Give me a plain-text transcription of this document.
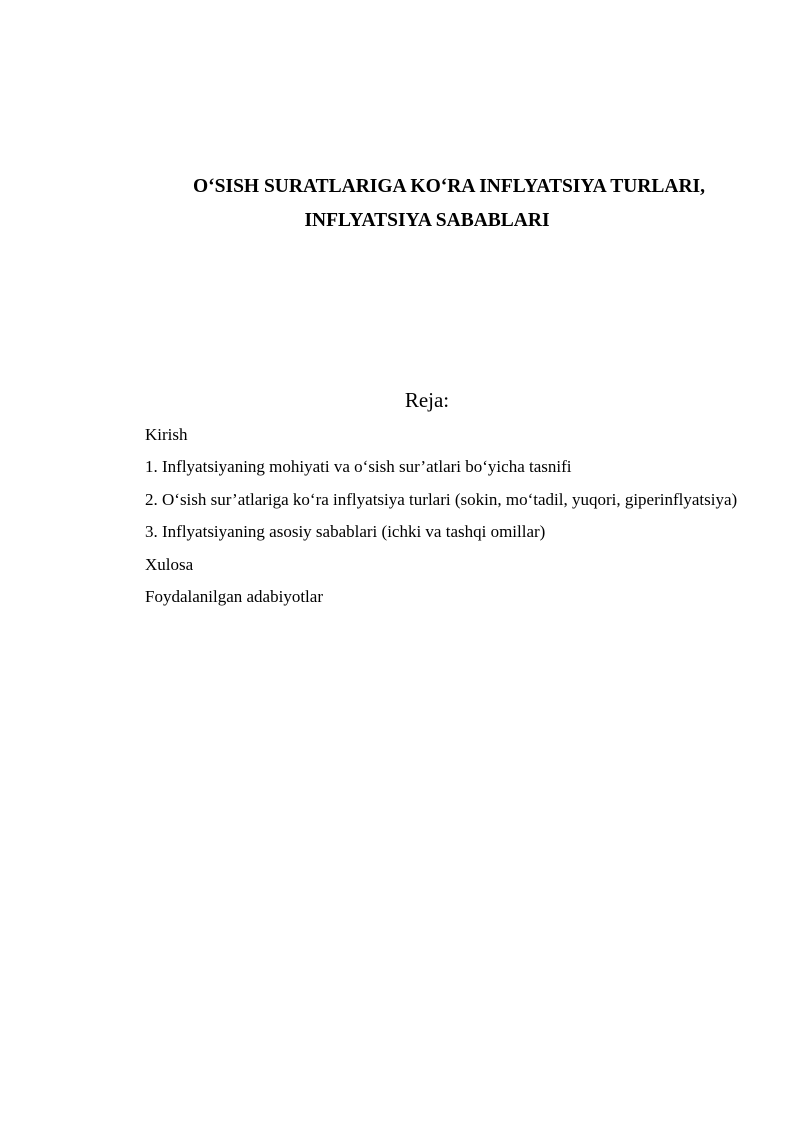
O‘SISH SURATLARIGA KO‘RA INFLYATSIYA TURLARI,
INFLYATSIYA SABABLARI
Reja:
Kirish
1. Inflyatsiyaning mohiyati va o‘sish sur’atlari bo‘yicha tasnifi
2. O‘sish sur’atlariga ko‘ra inflyatsiya turlari (sokin, mo‘tadil, yuqori, giperinflyatsiya)
3. Inflyatsiyaning asosiy sabablari (ichki va tashqi omillar)
Xulosa
Foydalanilgan adabiyotlar
